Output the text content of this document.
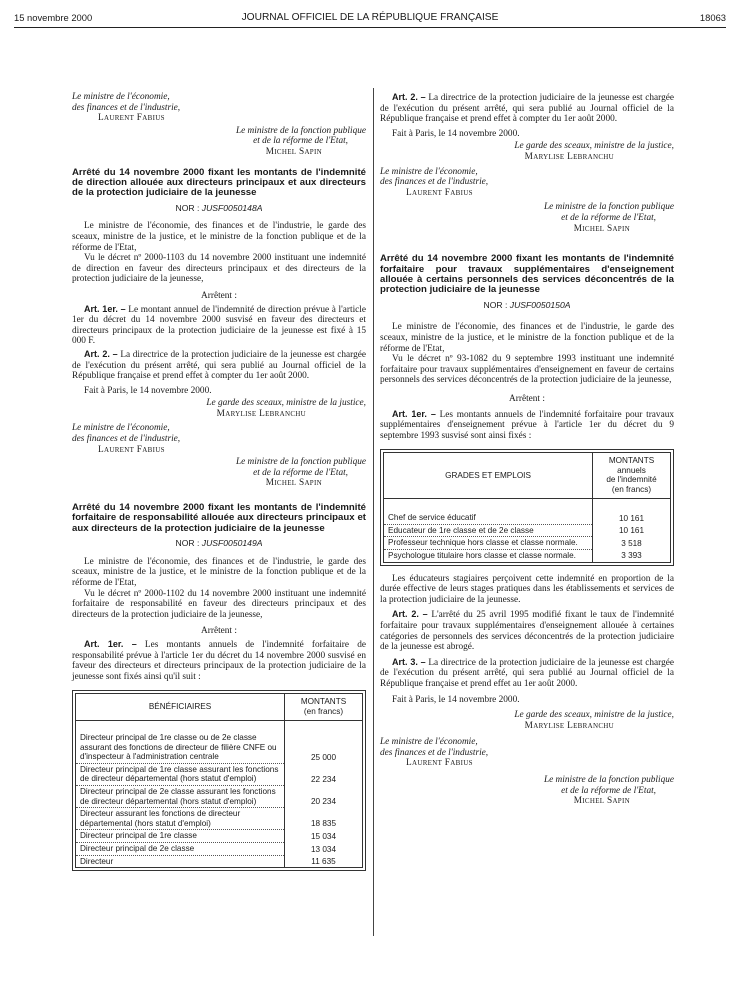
15 novembre 2000	JOURNAL OFFICIEL DE LA RÉPUBLIQUE FRANÇAISE	18063
Le ministre de l'économie,
des finances et de l'industrie,
Laurent Fabius
Le ministre de la fonction publique
et de la réforme de l'Etat,
Michel Sapin
Arrêté du 14 novembre 2000 fixant les montants de l'indemnité de direction allouée aux directeurs principaux et aux directeurs de la protection judiciaire de la jeunesse
NOR : JUSF0050148A

Le ministre de l'économie, des finances et de l'industrie, le garde des sceaux, ministre de la justice, et le ministre de la fonction publique et de la réforme de l'Etat,

Vu le décret nº 2000-1103 du 14 novembre 2000 instituant une indemnité de direction en faveur des directeurs principaux et des directeurs de la protection judiciaire de la jeunesse,

Arrêtent :

Art. 1er. – Le montant annuel de l'indemnité de direction prévue à l'article 1er du décret du 14 novembre 2000 susvisé en faveur des directeurs et directeurs principaux de la protection judiciaire de la jeunesse est fixé à 15 000 F.

Art. 2. – La directrice de la protection judiciaire de la jeunesse est chargée de l'exécution du présent arrêté, qui sera publié au Journal officiel de la République française et prend effet à compter du 1er août 2000.

Fait à Paris, le 14 novembre 2000.

Le garde des sceaux, ministre de la justice,
Marylise Lebranchu
Le ministre de l'économie,
des finances et de l'industrie,
Laurent Fabius
Le ministre de la fonction publique
et de la réforme de l'Etat,
Michel Sapin
Arrêté du 14 novembre 2000 fixant les montants de l'indemnité forfaitaire de responsabilité allouée aux directeurs principaux et aux directeurs de la protection judiciaire de la jeunesse
NOR : JUSF0050149A

Le ministre de l'économie, des finances et de l'industrie, le garde des sceaux, ministre de la justice, et le ministre de la fonction publique et de la réforme de l'Etat,

Vu le décret nº 2000-1102 du 14 novembre 2000 instituant une indemnité forfaitaire de responsabilité en faveur des directeurs principaux et des directeurs de la protection judiciaire de la jeunesse,

Arrêtent :

Art. 1er. – Les montants annuels de l'indemnité forfaitaire de responsabilité prévue à l'article 1er du décret du 14 novembre 2000 susvisé en faveur des directeurs et directeurs principaux de la protection judiciaire de la jeunesse sont fixés ainsi qu'il suit :

BÉNÉFICIAIRES	MONTANTS
(en francs)

Directeur principal de 1re classe ou de 2e classe assurant des fonctions de directeur de filière CNFE ou d'inspecteur à l'administration centrale	25 000
Directeur principal de 1re classe assurant les fonctions de directeur départemental (hors statut d'emploi)	22 234
Directeur principal de 2e classe assurant les fonctions de directeur départemental (hors statut d'emploi)	20 234
Directeur assurant les fonctions de directeur départemental (hors statut d'emploi)	18 835
Directeur principal de 1re classe	15 034
Directeur principal de 2e classe	13 034
Directeur	11 635

Art. 2. – La directrice de la protection judiciaire de la jeunesse est chargée de l'exécution du présent arrêté, qui sera publié au Journal officiel de la République française et prend effet à compter du 1er août 2000.

Fait à Paris, le 14 novembre 2000.

Le garde des sceaux, ministre de la justice,
Marylise Lebranchu
Le ministre de l'économie,
des finances et de l'industrie,
Laurent Fabius
Le ministre de la fonction publique
et de la réforme de l'Etat,
Michel Sapin
Arrêté du 14 novembre 2000 fixant les montants de l'indemnité forfaitaire pour travaux supplémentaires d'enseignement allouée à certains personnels des services déconcentrés de la protection judiciaire de la jeunesse
NOR : JUSF0050150A

Le ministre de l'économie, des finances et de l'industrie, le garde des sceaux, ministre de la justice, et le ministre de la fonction publique et de la réforme de l'Etat,

Vu le décret nº 93-1082 du 9 septembre 1993 instituant une indemnité forfaitaire pour travaux supplémentaires d'enseignement en faveur de certains personnels des services déconcentrés de la protection judiciaire de la jeunesse,

Arrêtent :

Art. 1er. – Les montants annuels de l'indemnité forfaitaire pour travaux supplémentaires d'enseignement prévue à l'article 1er du décret du 9 septembre 1993 susvisé sont ainsi fixés :

GRADES ET EMPLOIS	MONTANTS
annuels
de l'indemnité
(en francs)

Chef de service éducatif	10 161
Educateur de 1re classe et de 2e classe	10 161
Professeur technique hors classe et classe normale.	3 518
Psychologue titulaire hors classe et classe normale.	3 393

Les éducateurs stagiaires perçoivent cette indemnité en proportion de la durée effective de leurs stages pratiques dans les établissements et services de la protection judiciaire de la jeunesse.

Art. 2. – L'arrêté du 25 avril 1995 modifié fixant le taux de l'indemnité forfaitaire pour travaux supplémentaires d'enseignement allouée à certaines catégories de personnels des services déconcentrés de la protection judiciaire de la jeunesse est abrogé.

Art. 3. – La directrice de la protection judiciaire de la jeunesse est chargée de l'exécution du présent arrêté, qui sera publié au Journal officiel de la République française et prend effet au 1er août 2000.

Fait à Paris, le 14 novembre 2000.

Le garde des sceaux, ministre de la justice,
Marylise Lebranchu
Le ministre de l'économie,
des finances et de l'industrie,
Laurent Fabius
Le ministre de la fonction publique
et de la réforme de l'Etat,
Michel Sapin
